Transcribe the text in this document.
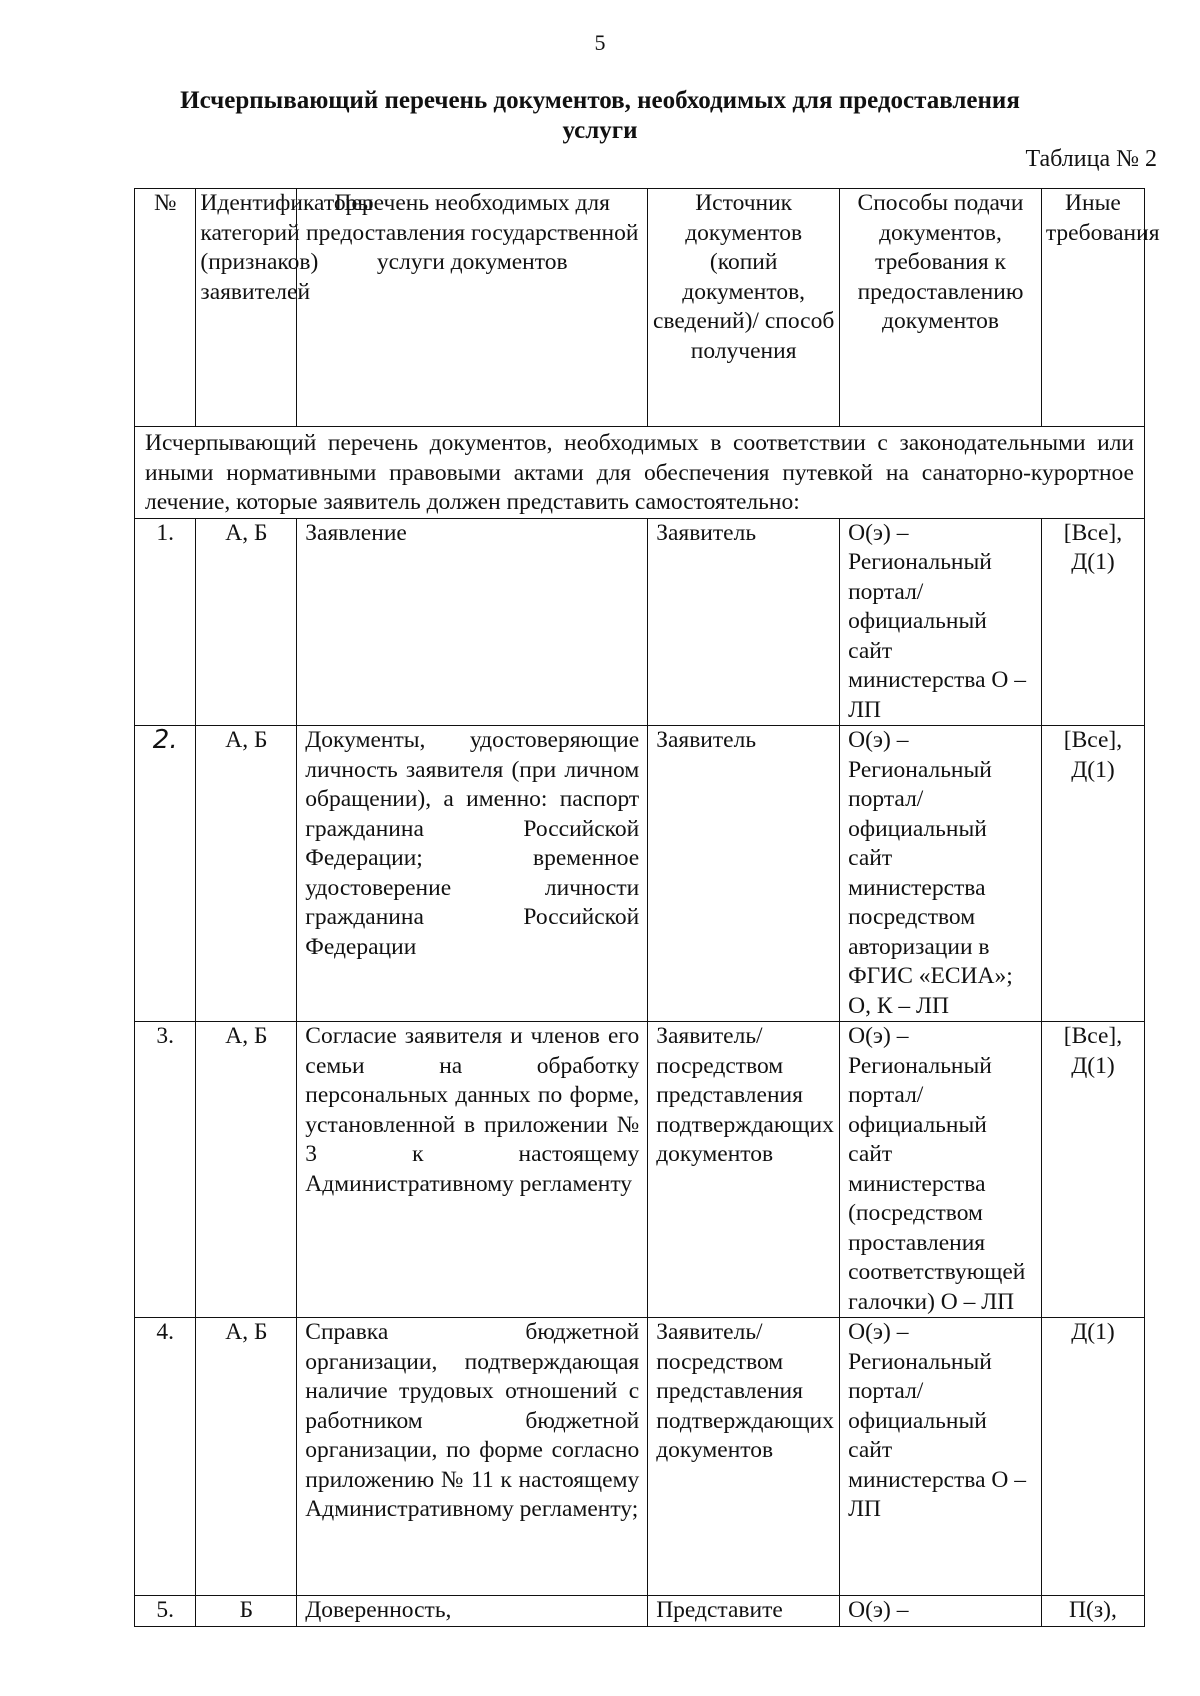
5
Исчерпывающий перечень документов, необходимых для предоставления
услуги
Таблица № 2
№	Идентификаторы категорий (признаков) заявителей	Перечень необходимых для предоставления государственной услуги документов	Источник документов (копий документов, сведений)/ способ получения	Способы подачи документов, требования к предоставлению документов	Иные требования
Исчерпывающий перечень документов, необходимых в соответствии с законодательными или иными нормативными правовыми актами для обеспечения путевкой на санаторно-курортное лечение, которые заявитель должен представить самостоятельно:					
1.	А, Б	Заявление	Заявитель	О(э) – Региональный портал/официальный сайт министерства О – ЛП	[Все], Д(1)
2.	А, Б	Документы, удостоверяющие личность заявителя (при личном обращении), а именно: паспорт гражданина Российской Федерации; временное удостоверение личности гражданина Российской Федерации	Заявитель	О(э) – Региональный портал/официальный сайт министерства посредством авторизации в ФГИС «ЕСИА»; О, К – ЛП	[Все], Д(1)
3.	А, Б	Согласие заявителя и членов его семьи на обработку персональных данных по форме, установленной в приложении № 3 к настоящему Административному регламенту	Заявитель/посредством представления подтверждающих документов	О(э) – Региональный портал/официальный сайт министерства (посредством проставления соответствующей галочки) О – ЛП	[Все], Д(1)
4.	А, Б	Справка бюджетной организации, подтверждающая наличие трудовых отношений с работником бюджетной организации, по форме согласно приложению № 11 к настоящему Административному регламенту;	Заявитель/посредством представления подтверждающих документов	О(э) – Региональный портал/официальный сайт министерства О – ЛП	Д(1)
5.	Б	Доверенность,	Представите	О(э) –	П(з),
